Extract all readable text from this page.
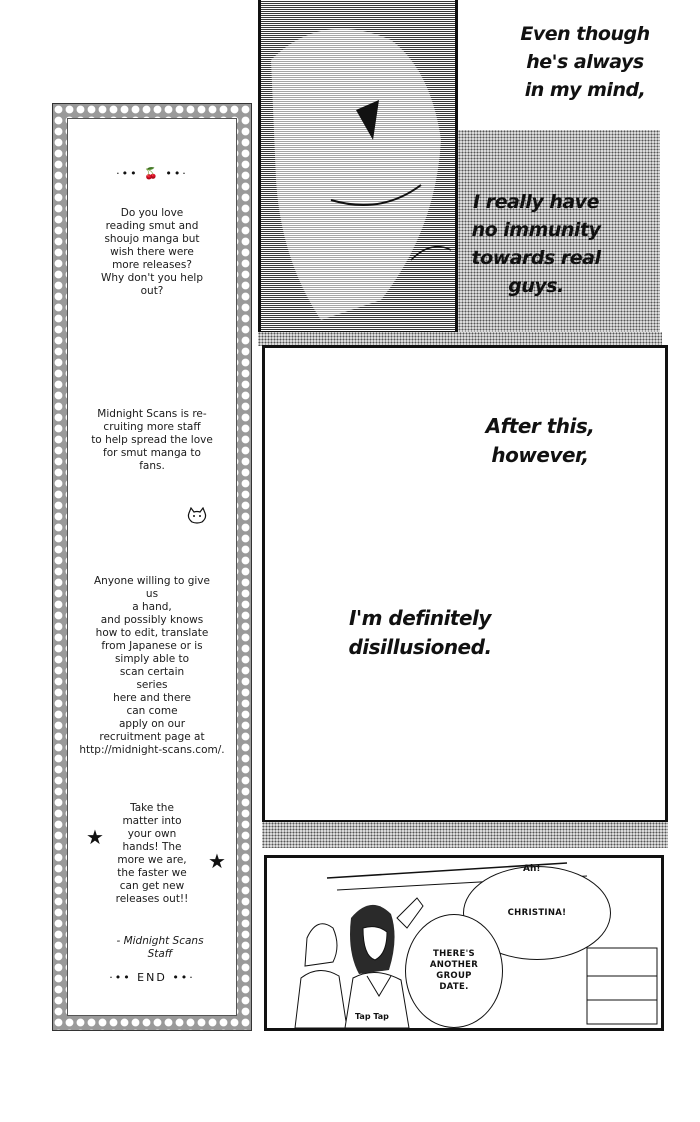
·•• 🍒 ••·
Do you love
reading smut and
shoujo manga but
wish there were
more releases?
Why don't you help
out?
Midnight Scans is re-
cruiting more staff
to help spread the love
for smut manga to
fans.
Anyone willing to give
us
a hand,
and possibly knows
how to edit, translate
from Japanese or is
simply able to
scan certain
series
here and there
can come
apply on our
recruitment page at
http://midnight-scans.com/.
Take the
matter into
your own
hands! The
more we are,
the faster we
can get new
releases out!!
★
★
- Midnight Scans
Staff
·•• END ••·
Even though
he's always
in my mind,
I really have
no immunity
towards real
guys.
After this,
however,
I'm definitely
disillusioned.
CHRISTINA!
THERE'S
ANOTHER
GROUP
DATE.
Ah!
Tap Tap
